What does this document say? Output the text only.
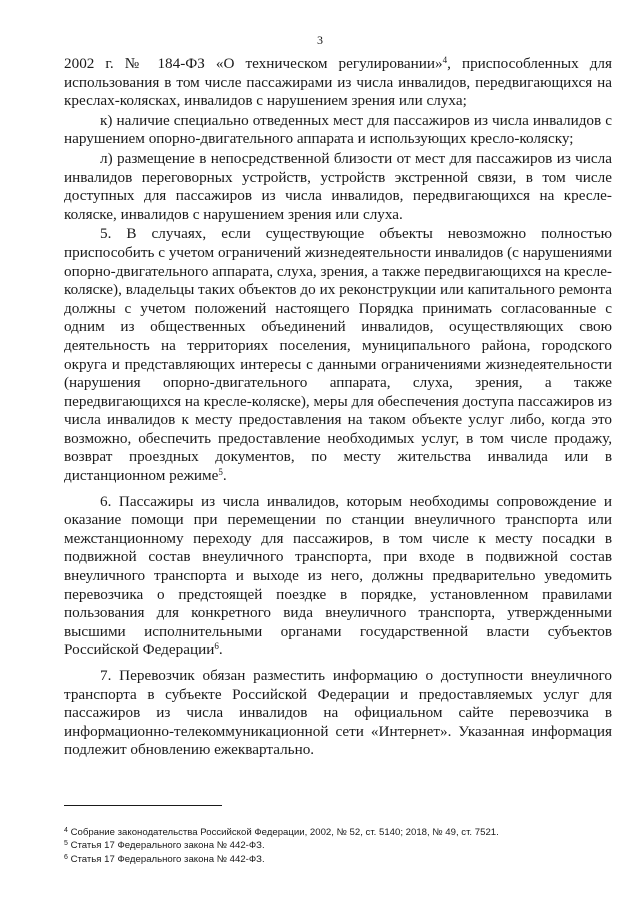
3

2002 г. № 184-ФЗ «О техническом регулировании»$^4$, приспособленных для использования в том числе пассажирами из числа инвалидов, передвигающихся на креслах-колясках, инвалидов с нарушением зрения или слуха;

к) наличие специально отведенных мест для пассажиров из числа инвалидов с нарушением опорно-двигательного аппарата и использующих кресло-коляску;

л) размещение в непосредственной близости от мест для пассажиров из числа инвалидов переговорных устройств, устройств экстренной связи, в том числе доступных для пассажиров из числа инвалидов, передвигающихся на кресле-коляске, инвалидов с нарушением зрения или слуха.

5. В случаях, если существующие объекты невозможно полностью приспособить с учетом ограничений жизнедеятельности инвалидов (с нарушениями опорно-двигательного аппарата, слуха, зрения, а также передвигающихся на кресле-коляске), владельцы таких объектов до их реконструкции или капитального ремонта должны с учетом положений настоящего Порядка принимать согласованные с одним из общественных объединений инвалидов, осуществляющих свою деятельность на территориях поселения, муниципального района, городского округа и представляющих интересы с данными ограничениями жизнедеятельности (нарушения опорно-двигательного аппарата, слуха, зрения, а также передвигающихся на кресле-коляске), меры для обеспечения доступа пассажиров из числа инвалидов к месту предоставления на таком объекте услуг либо, когда это возможно, обеспечить предоставление необходимых услуг, в том числе продажу, возврат проездных документов, по месту жительства инвалида или в дистанционном режиме$^5$.

6. Пассажиры из числа инвалидов, которым необходимы сопровождение и оказание помощи при перемещении по станции внеуличного транспорта или межстанционному переходу для пассажиров, в том числе к месту посадки в подвижной состав внеуличного транспорта, при входе в подвижной состав внеуличного транспорта и выходе из него, должны предварительно уведомить перевозчика о предстоящей поездке в порядке, установленном правилами пользования для конкретного вида внеуличного транспорта, утвержденными высшими исполнительными органами государственной власти субъектов Российской Федерации$^6$.

7. Перевозчик обязан разместить информацию о доступности внеуличного транспорта в субъекте Российской Федерации и предоставляемых услуг для пассажиров из числа инвалидов на официальном сайте перевозчика в информационно-телекоммуникационной сети «Интернет». Указанная информация подлежит обновлению ежеквартально.

$^4$ Собрание законодательства Российской Федерации, 2002, № 52, ст. 5140; 2018, № 49, ст. 7521.
$^5$ Статья 17 Федерального закона № 442-ФЗ.
$^6$ Статья 17 Федерального закона № 442-ФЗ.
